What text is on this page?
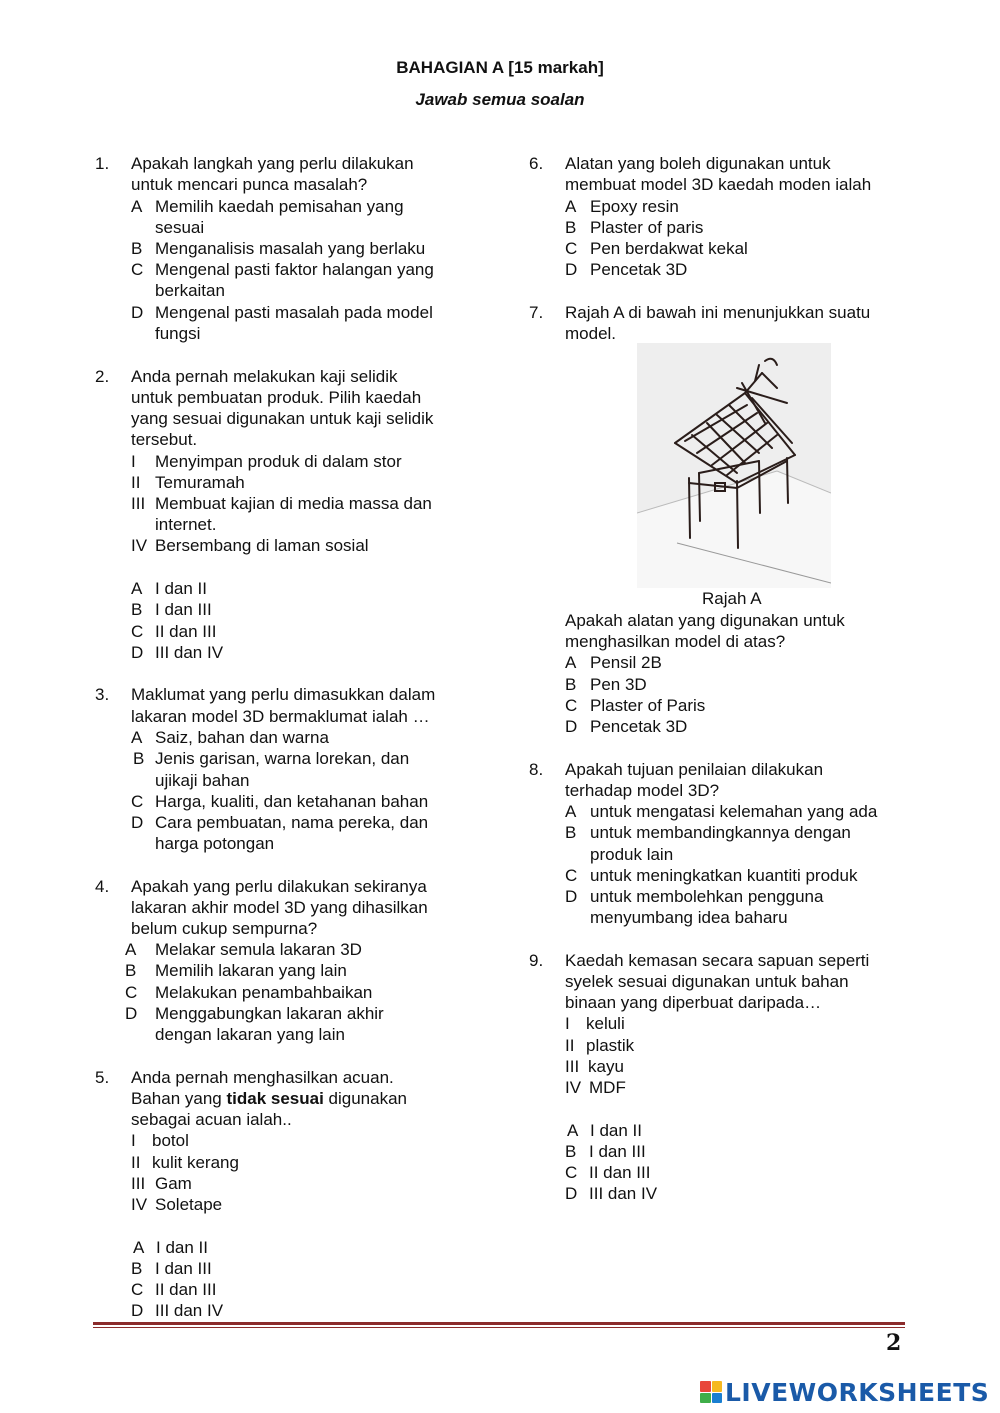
BAHAGIAN A [15 markah]
Jawab semua soalan
1. Apakah langkah yang perlu dilakukan
untuk mencari punca masalah?
A Memilih kaedah pemisahan yang
sesuai
B Menganalisis masalah yang berlaku
C Mengenal pasti faktor halangan yang
berkaitan
D Mengenal pasti masalah pada model
fungsi
2. Anda pernah melakukan kaji selidik
untuk pembuatan produk. Pilih kaedah
yang sesuai digunakan untuk kaji selidik
tersebut.
I Menyimpan produk di dalam stor
II Temuramah
III Membuat kajian di media massa dan
internet.
IV Bersembang di laman sosial
A I dan II
B I dan III
C II dan III
D III dan IV
3. Maklumat yang perlu dimasukkan dalam
lakaran model 3D bermaklumat ialah …
A Saiz, bahan dan warna
B Jenis garisan, warna lorekan, dan
ujikaji bahan
C Harga, kualiti, dan ketahanan bahan
D Cara pembuatan, nama pereka, dan
harga potongan
4. Apakah yang perlu dilakukan sekiranya
lakaran akhir model 3D yang dihasilkan
belum cukup sempurna?
A Melakar semula lakaran 3D
B Memilih lakaran yang lain
C Melakukan penambahbaikan
D Menggabungkan lakaran akhir
dengan lakaran yang lain
5. Anda pernah menghasilkan acuan.
Bahan yang tidak sesuai digunakan
sebagai acuan ialah..
I botol
II kulit kerang
III Gam
IV Soletape
A I dan II
B I dan III
C II dan III
D III dan IV
6. Alatan yang boleh digunakan untuk
membuat model 3D kaedah moden ialah
A Epoxy resin
B Plaster of paris
C Pen berdakwat kekal
D Pencetak 3D
7. Rajah A di bawah ini menunjukkan suatu
model.
Rajah A
Apakah alatan yang digunakan untuk
menghasilkan model di atas?
A Pensil 2B
B Pen 3D
C Plaster of Paris
D Pencetak 3D
8. Apakah tujuan penilaian dilakukan
terhadap model 3D?
A untuk mengatasi kelemahan yang ada
B untuk membandingkannya dengan
produk lain
C untuk meningkatkan kuantiti produk
D untuk membolehkan pengguna
menyumbang idea baharu
9. Kaedah kemasan secara sapuan seperti
syelek sesuai digunakan untuk bahan
binaan yang diperbuat daripada…
I keluli
II plastik
III kayu
IV MDF
A I dan II
B I dan III
C II dan III
D III dan IV
2
LIVEWORKSHEETS
